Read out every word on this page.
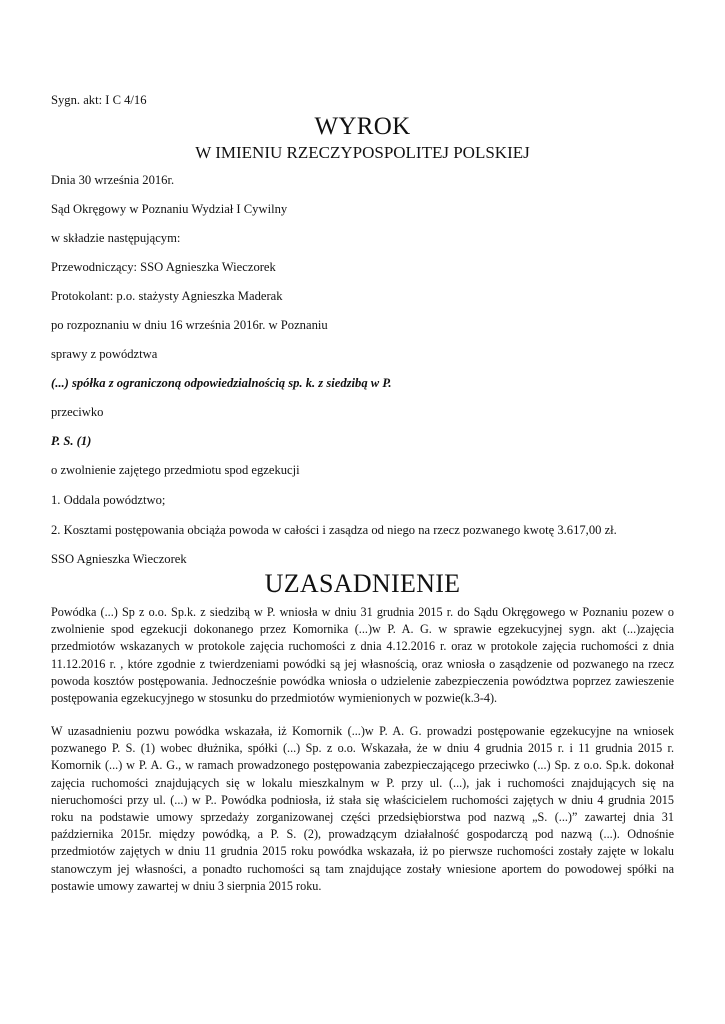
Sygn. akt: I C 4/16
WYROK
W IMIENIU RZECZYPOSPOLITEJ POLSKIEJ
Dnia 30 września 2016r.
Sąd Okręgowy w Poznaniu Wydział I Cywilny
w składzie następującym:
Przewodniczący: SSO Agnieszka Wieczorek
Protokolant: p.o. stażysty Agnieszka Maderak
po rozpoznaniu w dniu 16 września 2016r. w Poznaniu
sprawy z powództwa
(...) spółka z ograniczoną odpowiedzialnością sp. k. z siedzibą w P.
przeciwko
P. S. (1)
o zwolnienie zajętego przedmiotu spod egzekucji
1. Oddala powództwo;
2. Kosztami postępowania obciąża powoda w całości i zasądza od niego na rzecz pozwanego kwotę 3.617,00 zł.
SSO Agnieszka Wieczorek
UZASADNIENIE

Powódka (...) Sp z o.o. Sp.k. z siedzibą w P. wniosła w dniu 31 grudnia 2015 r. do Sądu Okręgowego w Poznaniu pozew o zwolnienie spod egzekucji dokonanego przez Komornika (...)w P. A. G. w sprawie egzekucyjnej sygn. akt (...)zajęcia przedmiotów wskazanych w protokole zajęcia ruchomości z dnia 4.12.2016 r. oraz w protokole zajęcia ruchomości z dnia 11.12.2016 r. , które zgodnie z twierdzeniami powódki są jej własnością, oraz wniosła o zasądzenie od pozwanego na rzecz powoda kosztów postępowania. Jednocześnie powódka wniosła o udzielenie zabezpieczenia powództwa poprzez zawieszenie postępowania egzekucyjnego w stosunku do przedmiotów wymienionych w pozwie(k.3-4).

W uzasadnieniu pozwu powódka wskazała, iż Komornik (...)w P. A. G. prowadzi postępowanie egzekucyjne na wniosek pozwanego P. S. (1) wobec dłużnika, spółki (...) Sp. z o.o. Wskazała, że w dniu 4 grudnia 2015 r. i 11 grudnia 2015 r. Komornik (...) w P. A. G., w ramach prowadzonego postępowania zabezpieczającego przeciwko (...) Sp. z o.o. Sp.k. dokonał zajęcia ruchomości znajdujących się w lokalu mieszkalnym w P. przy ul. (...), jak i ruchomości znajdujących się na nieruchomości przy ul. (...) w P.. Powódka podniosła, iż stała się właścicielem ruchomości zajętych w dniu 4 grudnia 2015 roku na podstawie umowy sprzedaży zorganizowanej części przedsiębiorstwa pod nazwą „S. (...)” zawartej dnia 31 października 2015r. między powódką, a P. S. (2), prowadzącym działalność gospodarczą pod nazwą (...). Odnośnie przedmiotów zajętych w dniu 11 grudnia 2015 roku powódka wskazała, iż po pierwsze ruchomości zostały zajęte w lokalu stanowczym jej własności, a ponadto ruchomości są tam znajdujące zostały wniesione aportem do powodowej spółki na postawie umowy zawartej w dniu 3 sierpnia 2015 roku.
